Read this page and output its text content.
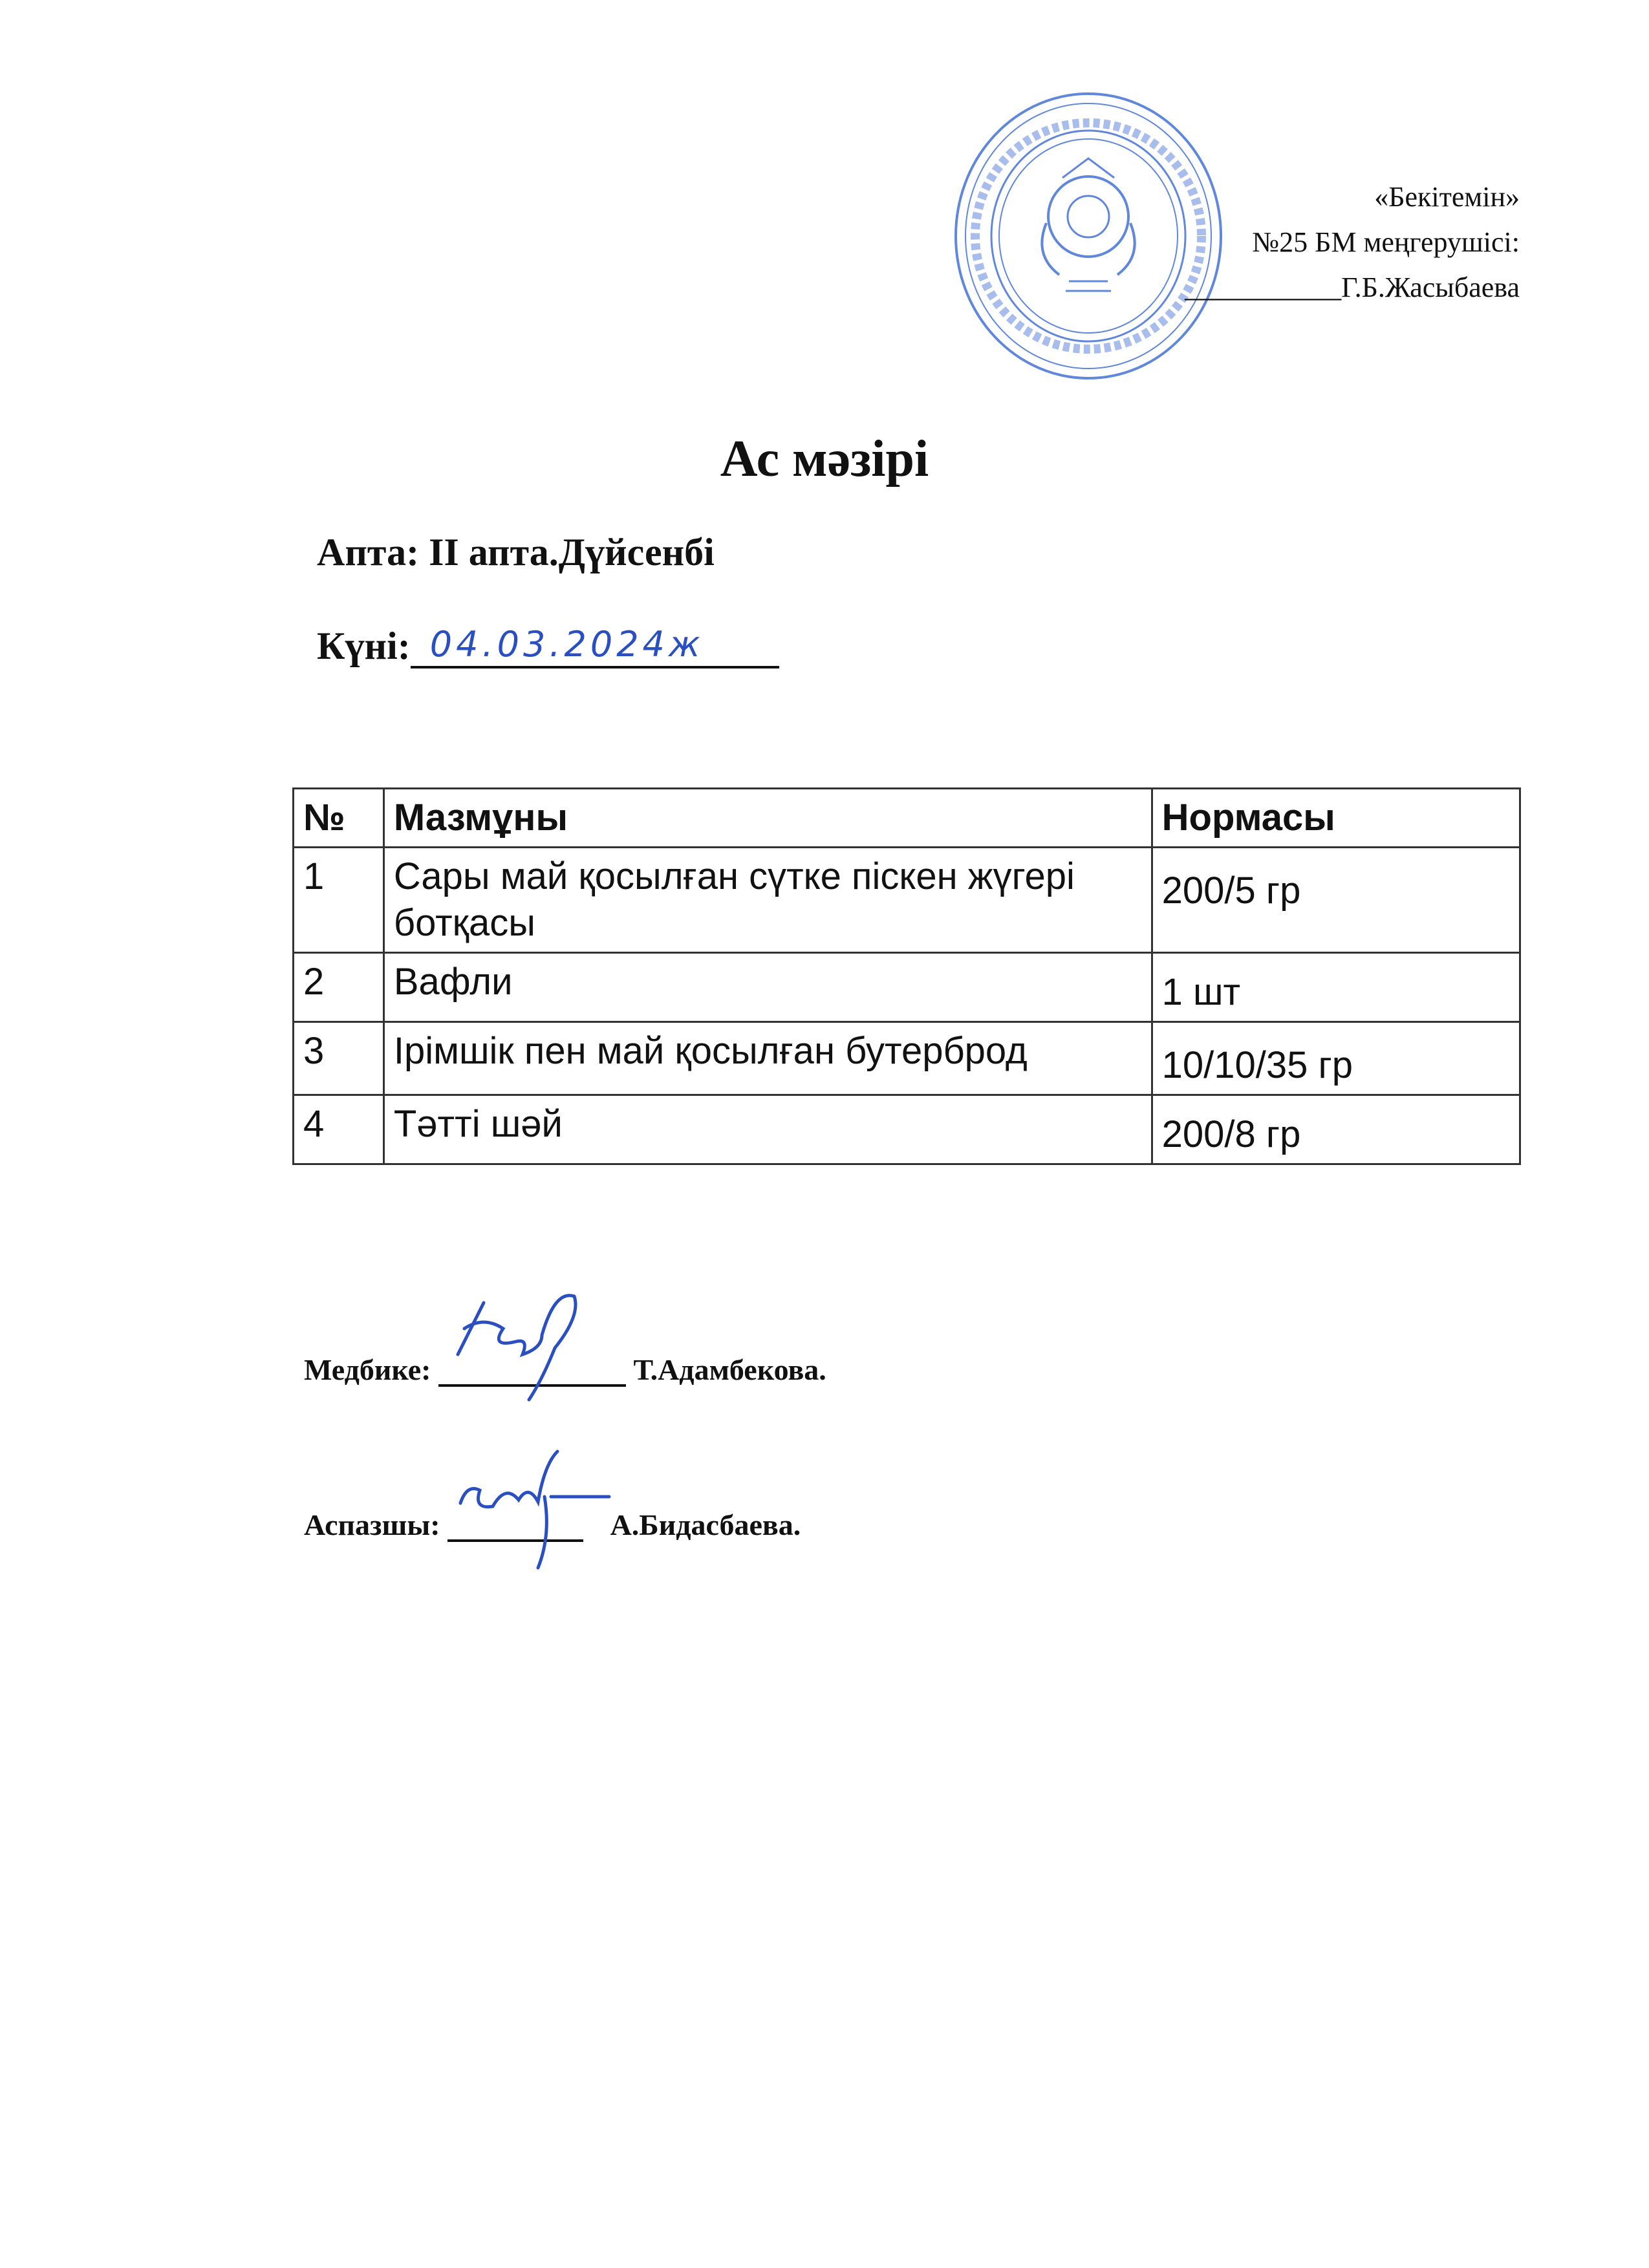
«Бекітемін»
№25 БМ меңгерушісі:
___________Г.Б.Жасыбаева
Ас мәзірі
Апта: ІІ апта.Дүйсенбі
Күні: 04.03.2024ж
№	Мазмұны	Нормасы
1	Сары май қосылған сүтке піскен жүгері ботқасы	200/5 гр
2	Вафли	1 шт
3	Ірімшік пен май қосылған бутерброд	10/10/35 гр
4	Тәтті шәй	200/8 гр
Медбике:	Т.Адамбекова.
Аспазшы:	А.Бидасбаева.
